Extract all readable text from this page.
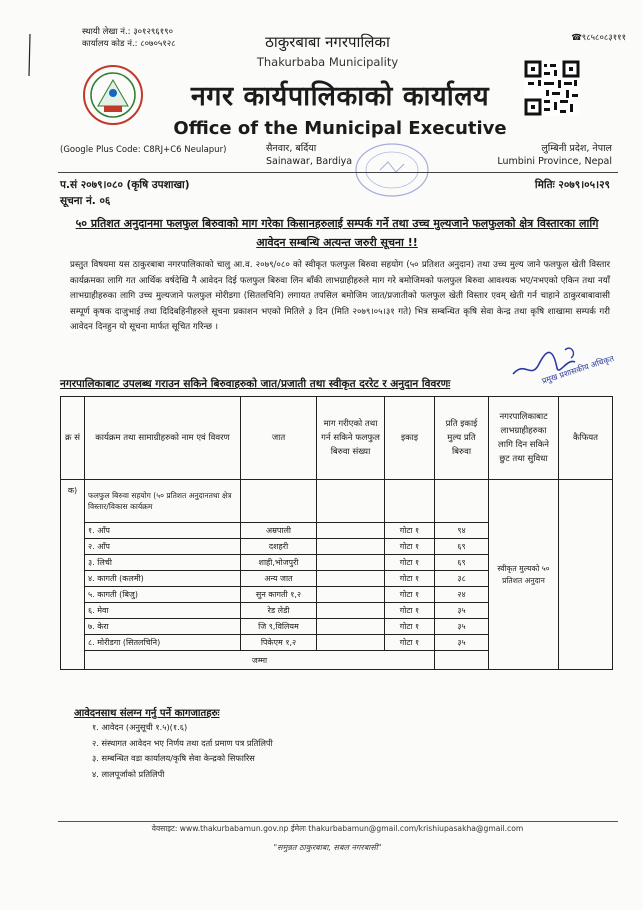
स्थायी लेखा नं.: ३०१२९६१९०
कार्यालय कोड नं.: ८०७०५१२८
☎९८५८०८३१११
ठाकुरबाबा नगरपालिका
Thakurbaba Municipality
नगर कार्यपालिकाको कार्यालय
Office of the Municipal Executive
(Google Plus Code: C8RJ+C6 Neulapur)	सैनवार, बर्दिया
Sainawar, Bardiya
लुम्बिनी प्रदेश, नेपाल
Lumbini Province, Nepal
प.सं २०७९।०८० (कृषि उपशाखा)
सूचना नं. ०६
मितिः २०७९।०५।२९
५० प्रतिशत अनुदानमा फलफुल बिरुवाको माग गरेका किसानहरुलाई सम्पर्क गर्ने तथा उच्च मुल्यजाने फलफुलको क्षेत्र विस्तारका लागि आवेदन सम्बन्धि अत्यन्त जरुरी सूचना !!
प्रस्तुत विषयमा यस ठाकुरबाबा नगरपालिकाको चालु आ.व. २०७९/०८० को स्वीकृत फलफुल बिरुवा सहयोग (५० प्रतिशत अनुदान) तथा उच्च मुल्य जाने फलफुल खेती विस्तार कार्यक्रमका लागि गत आर्थिक वर्षदेखि नै आवेदन दिई फलफुल बिरुवा लिन बाँकी लाभग्राहीहरुले माग गरे बमोजिमको फलफुल बिरुवा आवश्यक भए/नभएको एकिन तथा नयाँ लाभग्राहीहरुका लागि उच्च मुल्यजाने फलफुल मोरीडगा (सितलचिनि) लगायत तपसिल बमोजिम जात/प्रजातीको फलफुल खेती विस्तार एवम् खेती गर्न चाहाने ठाकुरबाबावासी सम्पूर्ण कृषक दाजुभाई तथा दिदिबहिनीहरुले सूचना प्रकाशन भएको मितिले ३ दिन (मिति २०७९।०५।३१ गते) भित्र सम्बन्धित कृषि सेवा केन्द्र तथा कृषि शाखामा सम्पर्क गरी आवेदन दिनहुन यो सूचना मार्फत सूचित गरिन्छ ।
प्रमुख प्रशासकीय अधिकृत
नगरपालिकाबाट उपलब्ध गराउन सकिने बिरुवाहरुको जात/प्रजाती तथा स्वीकृत दररेट र अनुदान विवरणः
क्र सं	कार्यक्रम तथा सामाग्रीहरुको नाम एवं विवरण	जात	माग गरीएको तथा गर्न सकिने फलफुल बिरुवा संख्या	इकाइ	प्रति इकाई मुल्य प्रति बिरुवा	नगरपालिकाबाट लाभग्राहीहरुका लागि दिन सकिने छुट तथा सुविधा	कैफियत
क)	फलफुल बिरुवा सहयोग (५० प्रतिशत अनुदानतथा क्षेत्र विस्तार/विकास कार्यक्रम					स्वीकृत मुल्यको ५० प्रतिशत अनुदान	
	१. आँप	अम्रपाली		गोटा १	९४		
	२. आँप	दशहरी		गोटा १	६९		
	३. लिची	शाही,भोजपुरी		गोटा १	६९		
	४. कागती (कलमी)	अन्य जात		गोटा १	३८		
	५. कागती (बिजु)	सुन कागती १,२		गोटा १	२४		
	६. मेवा	रेड लेडी		गोटा १	३५		
	७. केरा	जि ९,विलियम		गोटा १	३५		
	८. मोरीडगा (सितलचिनि)	पिकेएम १,२		गोटा १	३५		
	जम्मा						
आवेदनसाथ संलग्न गर्नु पर्ने कागजातहरुः
१. आवेदन (अनुसूची १.५)(१.६)
२. संस्थागत आवेदन भए निर्णय तथा दर्ता प्रमाण पत्र प्रतिलिपी
३. सम्बन्धित वडा कार्यालय/कृषि सेवा केन्द्रको सिफारिस
४. लालपूर्जाको प्रतिलिपी
वेवसाइट: www.thakurbabamun.gov.np ईमेलः thakurbabamun@gmail.com/krishiupasakha@gmail.com
"समुन्नत ठाकुरबाबा, सबल नगरबासी"
